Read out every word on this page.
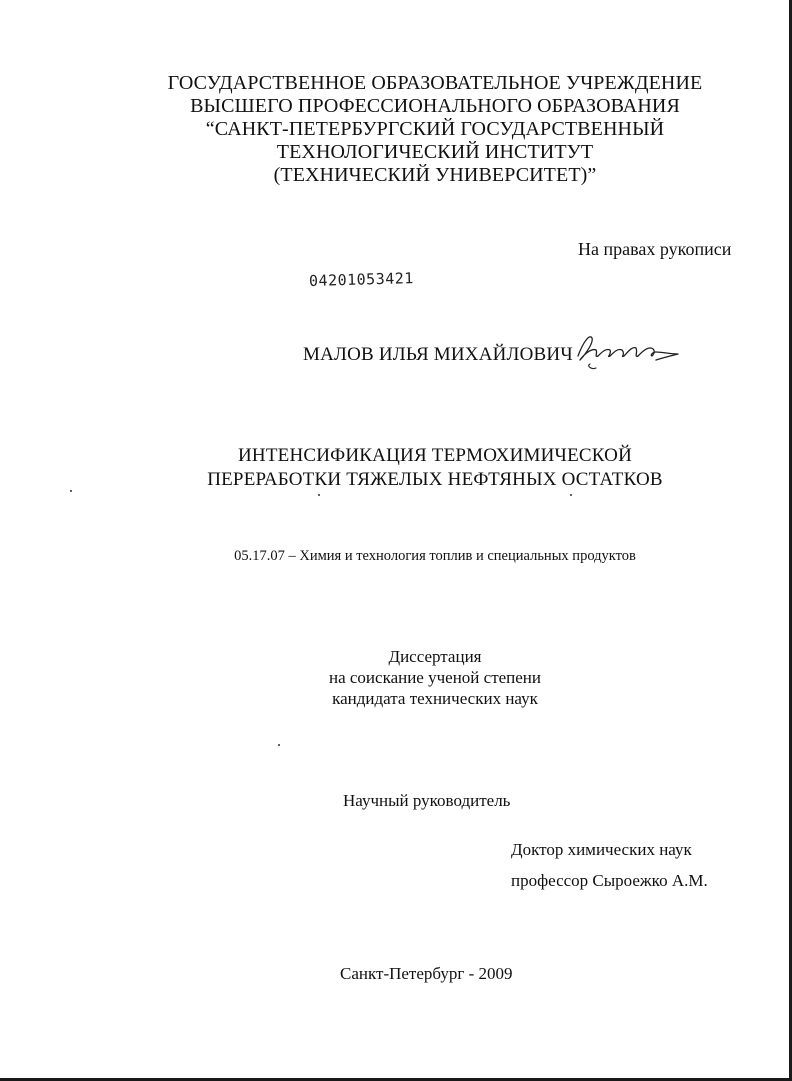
ГОСУДАРСТВЕННОЕ ОБРАЗОВАТЕЛЬНОЕ УЧРЕЖДЕНИЕ
ВЫСШЕГО ПРОФЕССИОНАЛЬНОГО ОБРАЗОВАНИЯ
“САНКТ-ПЕТЕРБУРГСКИЙ ГОСУДАРСТВЕННЫЙ
ТЕХНОЛОГИЧЕСКИЙ ИНСТИТУТ
(ТЕХНИЧЕСКИЙ УНИВЕРСИТЕТ)”
На правах рукописи
04201053421
МАЛОВ ИЛЬЯ МИХАЙЛОВИЧ
ИНТЕНСИФИКАЦИЯ ТЕРМОХИМИЧЕСКОЙ
ПЕРЕРАБОТКИ ТЯЖЕЛЫХ НЕФТЯНЫХ ОСТАТКОВ
05.17.07 – Химия и технология топлив и специальных продуктов
Диссертация
на соискание ученой степени
кандидата технических наук
Научный руководитель
Доктор химических наук
профессор Сыроежко А.М.
Санкт-Петербург - 2009
